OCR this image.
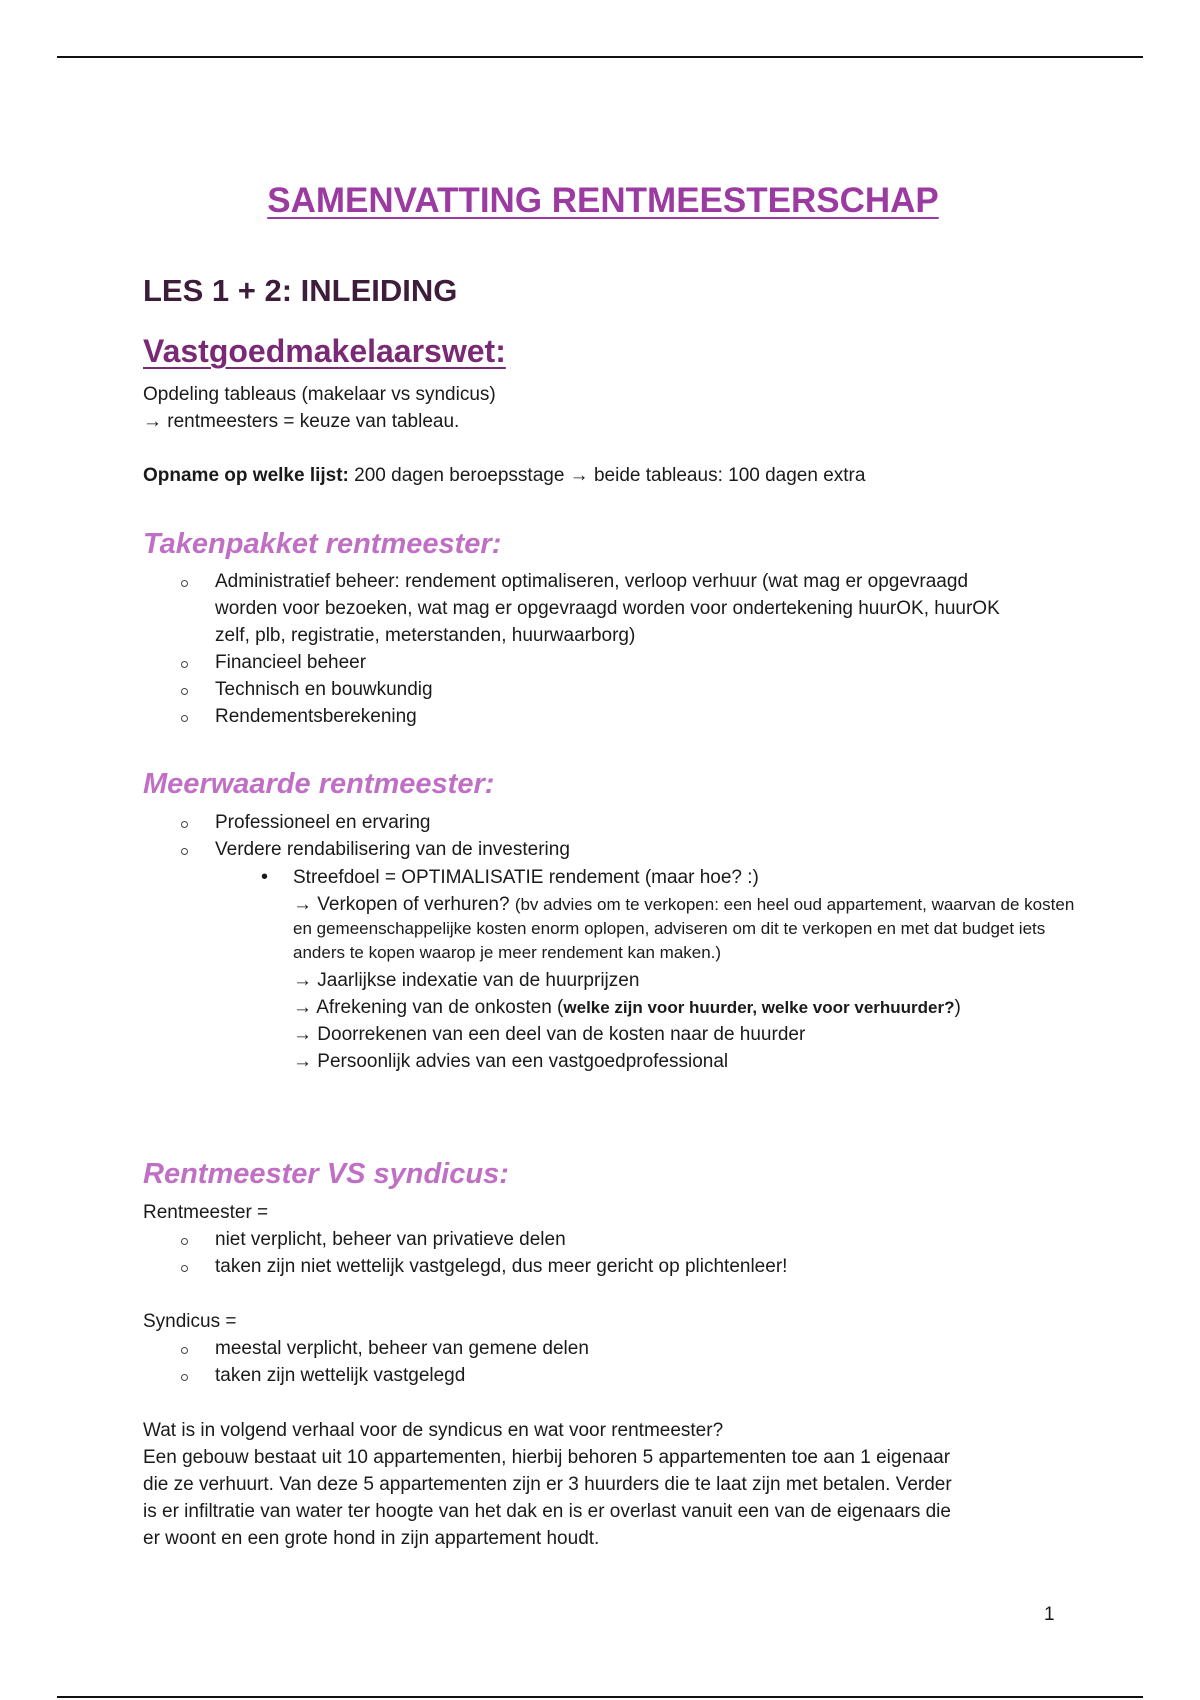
SAMENVATTING RENTMEESTERSCHAP
LES 1 + 2: INLEIDING
Vastgoedmakelaarswet:

Opdeling tableaus (makelaar vs syndicus)

→ rentmeesters = keuze van tableau.

Opname op welke lijst: 200 dagen beroepsstage → beide tableaus: 100 dagen extra

Takenpakket rentmeester:
Administratief beheer: rendement optimaliseren, verloop verhuur (wat mag er opgevraagd worden voor bezoeken, wat mag er opgevraagd worden voor ondertekening huurOK, huurOK zelf, plb, registratie, meterstanden, huurwaarborg)
Financieel beheer
Technisch en bouwkundig
Rendementsberekening
Meerwaarde rentmeester:
Professioneel en ervaring
Verdere rendabilisering van de investering
• Streefdoel = OPTIMALISATIE rendement (maar hoe? :)
→ Verkopen of verhuren? (bv advies om te verkopen: een heel oud appartement, waarvan de kosten en gemeenschappelijke kosten enorm oplopen, adviseren om dit te verkopen en met dat budget iets anders te kopen waarop je meer rendement kan maken.)
→ Jaarlijkse indexatie van de huurprijzen
→ Afrekening van de onkosten (welke zijn voor huurder, welke voor verhuurder?)
→ Doorrekenen van een deel van de kosten naar de huurder
→ Persoonlijk advies van een vastgoedprofessional
Rentmeester VS syndicus:

Rentmeester =

niet verplicht, beheer van privatieve delen
taken zijn niet wettelijk vastgelegd, dus meer gericht op plichtenleer!

Syndicus =

meestal verplicht, beheer van gemene delen
taken zijn wettelijk vastgelegd

Wat is in volgend verhaal voor de syndicus en wat voor rentmeester?

Een gebouw bestaat uit 10 appartementen, hierbij behoren 5 appartementen toe aan 1 eigenaar

die ze verhuurt. Van deze 5 appartementen zijn er 3 huurders die te laat zijn met betalen. Verder

is er infiltratie van water ter hoogte van het dak en is er overlast vanuit een van de eigenaars die

er woont en een grote hond in zijn appartement houdt.

1
